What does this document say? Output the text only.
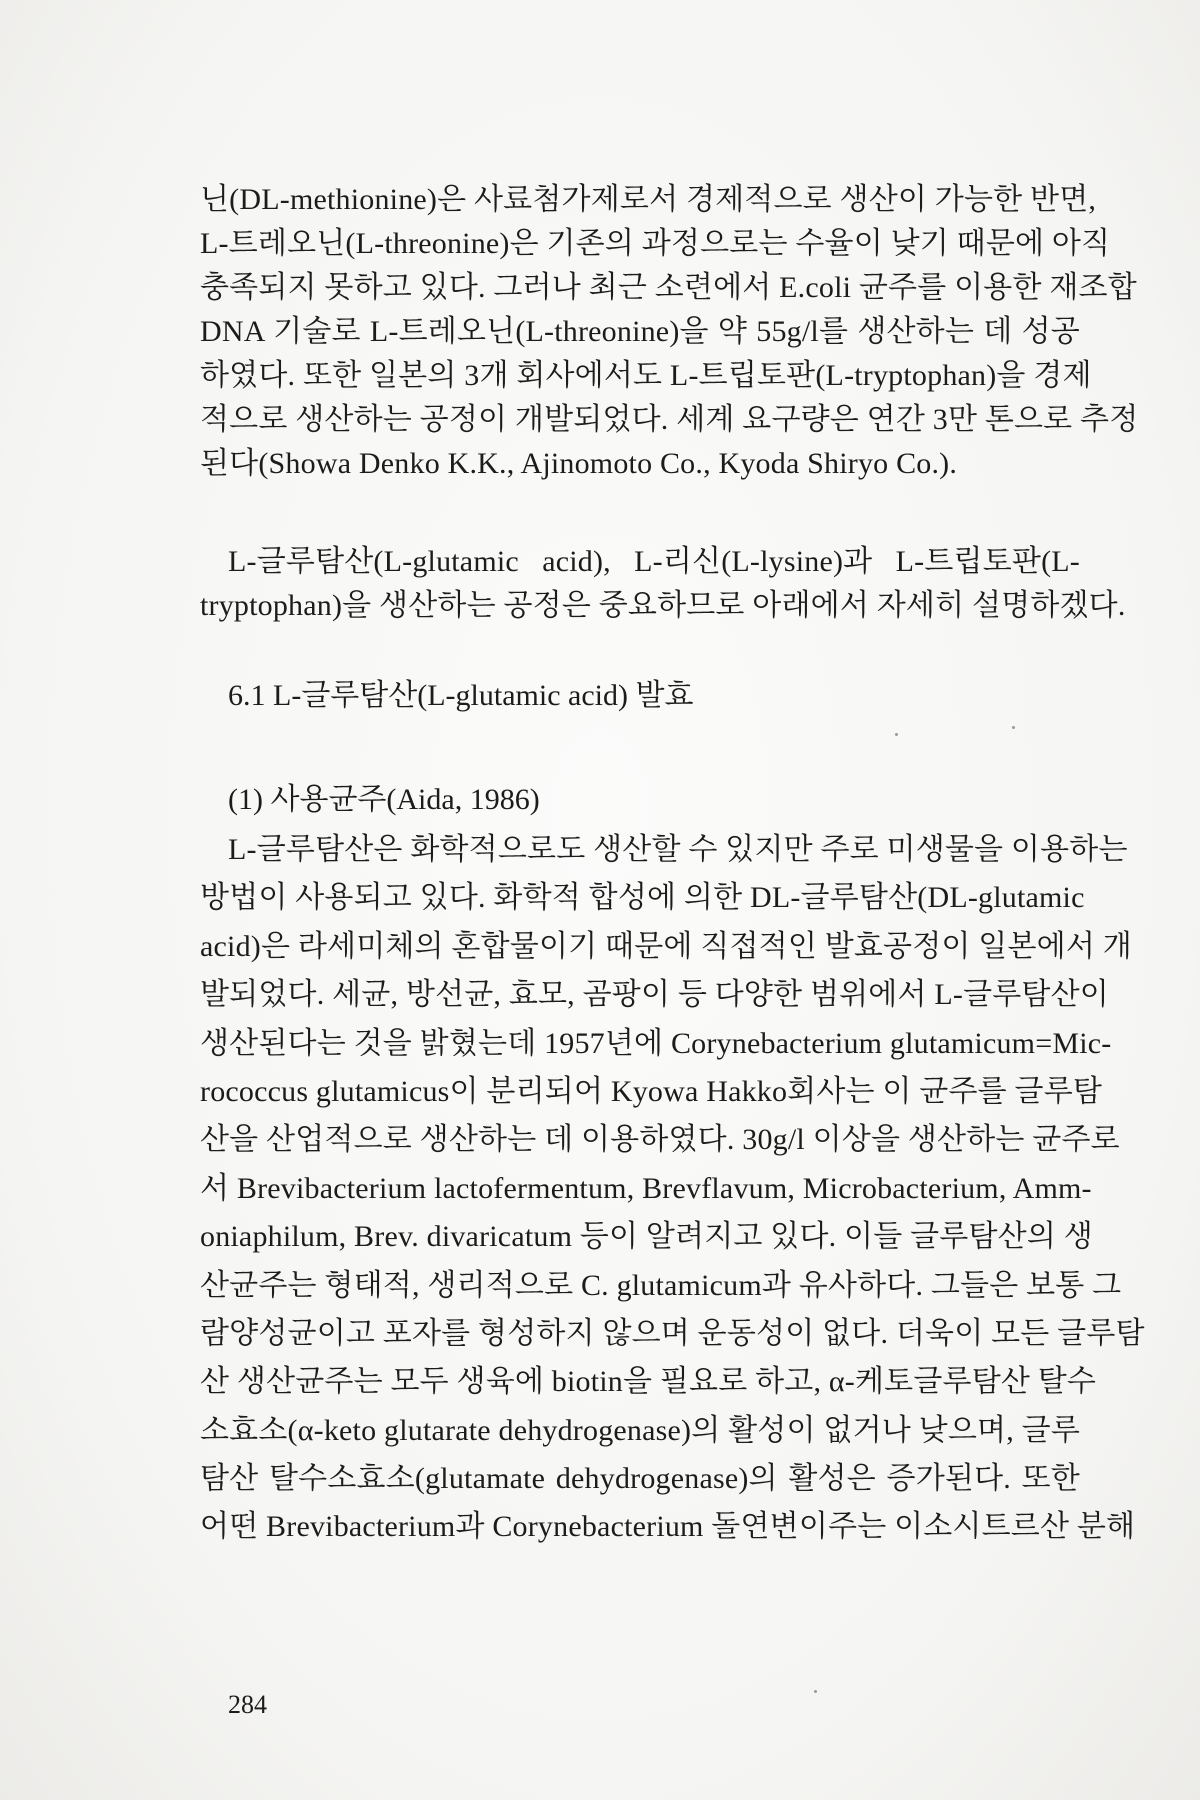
닌(DL-methionine)은 사료첨가제로서 경제적으로 생산이 가능한 반면,
L-트레오닌(L-threonine)은 기존의 과정으로는 수율이 낮기 때문에 아직
충족되지 못하고 있다. 그러나 최근 소련에서 E.coli 균주를 이용한 재조합
DNA 기술로 L-트레오닌(L-threonine)을 약 55g/l를 생산하는 데 성공
하였다. 또한 일본의 3개 회사에서도 L-트립토판(L-tryptophan)을 경제
적으로 생산하는 공정이 개발되었다. 세계 요구량은 연간 3만 톤으로 추정
된다(Showa Denko K.K., Ajinomoto Co., Kyoda Shiryo Co.).
L-글루탐산(L-glutamic acid), L-리신(L-lysine)과 L-트립토판(L-
tryptophan)을 생산하는 공정은 중요하므로 아래에서 자세히 설명하겠다.
6.1 L-글루탐산(L-glutamic acid) 발효
(1) 사용균주(Aida, 1986)
L-글루탐산은 화학적으로도 생산할 수 있지만 주로 미생물을 이용하는
방법이 사용되고 있다. 화학적 합성에 의한 DL-글루탐산(DL-glutamic
acid)은 라세미체의 혼합물이기 때문에 직접적인 발효공정이 일본에서 개
발되었다. 세균, 방선균, 효모, 곰팡이 등 다양한 범위에서 L-글루탐산이
생산된다는 것을 밝혔는데 1957년에 Corynebacterium glutamicum=Mic-
rococcus glutamicus이 분리되어 Kyowa Hakko회사는 이 균주를 글루탐
산을 산업적으로 생산하는 데 이용하였다. 30g/l 이상을 생산하는 균주로
서 Brevibacterium lactofermentum, Brevflavum, Microbacterium, Amm-
oniaphilum, Brev. divaricatum 등이 알려지고 있다. 이들 글루탐산의 생
산균주는 형태적, 생리적으로 C. glutamicum과 유사하다. 그들은 보통 그
람양성균이고 포자를 형성하지 않으며 운동성이 없다. 더욱이 모든 글루탐
산 생산균주는 모두 생육에 biotin을 필요로 하고, α-케토글루탐산 탈수
소효소(α-keto glutarate dehydrogenase)의 활성이 없거나 낮으며, 글루
탐산 탈수소효소(glutamate dehydrogenase)의 활성은 증가된다. 또한
어떤 Brevibacterium과 Corynebacterium 돌연변이주는 이소시트르산 분해
284
